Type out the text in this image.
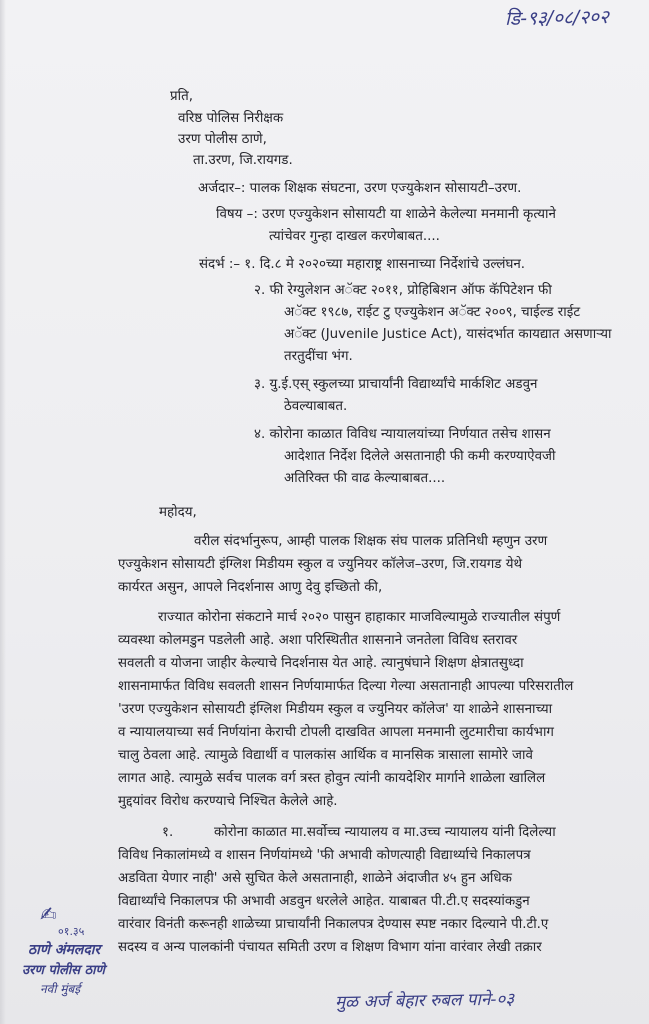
डि-९३/०८/२०२
प्रति,
वरिष्ठ पोलिस निरीक्षक
उरण पोलीस ठाणे,
ता.उरण, जि.रायगड.
अर्जदार–: पालक शिक्षक संघटना, उरण एज्युकेशन सोसायटी–उरण.
विषय –: उरण एज्युकेशन सोसायटी या शाळेने केलेल्या मनमानी कृत्याने
त्यांचेवर गुन्हा दाखल करणेबाबत....
संदर्भ :– १. दि.८ मे २०२०च्या महाराष्ट्र शासनाच्या निर्देशांचे उल्लंघन.
२. फी रेग्युलेशन अॅक्ट २०११, प्रोहिबिशन ऑफ कॅपिटेशन फी
अॅक्ट १९८७, राईट टु एज्युकेशन अॅक्ट २००९, चाईल्ड राईट
अॅक्ट (Juvenile Justice Act), यासंदर्भात कायद्यात असणाऱ्या
तरतुदींचा भंग.
३. यु.ई.एस् स्कुलच्या प्राचार्यांनी विद्यार्थ्यांचे मार्कशिट अडवुन
ठेवल्याबाबत.
४. कोरोना काळात विविध न्यायालयांच्या निर्णयात तसेच शासन
आदेशात निर्देश दिलेले असतानाही फी कमी करण्याऐवजी
अतिरिक्त फी वाढ केल्याबाबत....
महोदय,
वरील संदर्भानुरूप, आम्ही पालक शिक्षक संघ पालक प्रतिनिधी म्हणुन उरण
एज्युकेशन सोसायटी इंग्लिश मिडीयम स्कुल व ज्युनियर कॉलेज–उरण, जि.रायगड येथे
कार्यरत असुन, आपले निदर्शनास आणु देवु इच्छितो की,
राज्यात कोरोना संकटाने मार्च २०२० पासुन हाहाकार माजविल्यामुळे राज्यातील संपुर्ण
व्यवस्था कोलमडुन पडलेली आहे. अशा परिस्थितीत शासनाने जनतेला विविध स्तरावर
सवलती व योजना जाहीर केल्याचे निदर्शनास येत आहे. त्यानुषंघाने शिक्षण क्षेत्रातसुध्दा
शासनामार्फत विविध सवलती शासन निर्णयामार्फत दिल्या गेल्या असतानाही आपल्या परिसरातील
'उरण एज्युकेशन सोसायटी इंग्लिश मिडीयम स्कुल व ज्युनियर कॉलेज' या शाळेने शासनाच्या
व न्यायालयाच्या सर्व निर्णयांना केराची टोपली दाखवित आपला मनमानी लुटमारीचा कार्यभाग
चालु ठेवला आहे. त्यामुळे विद्यार्थी व पालकांस आर्थिक व मानसिक त्रासाला सामोरे जावे
लागत आहे. त्यामुळे सर्वच पालक वर्ग त्रस्त होवुन त्यांनी कायदेशिर मार्गाने शाळेला खालिल
मुद्दयांवर विरोध करण्याचे निश्चित केलेले आहे.
१.	कोरोना काळात मा.सर्वोच्च न्यायालय व मा.उच्च न्यायालय यांनी दिलेल्या
विविध निकालांमध्ये व शासन निर्णयांमध्ये 'फी अभावी कोणत्याही विद्यार्थ्याचे निकालपत्र
अडविता येणार नाही' असे सुचित केले असतानाही, शाळेने अंदाजीत ४५ हुन अधिक
विद्यार्थ्यांचे निकालपत्र फी अभावी अडवुन धरलेले आहेत. याबाबत पी.टी.ए सदस्यांकडुन
वारंवार विनंती करूनही शाळेच्या प्राचार्यांनी निकालपत्र देण्यास स्पष्ट नकार दिल्याने पी.टी.ए
सदस्य व अन्य पालकांनी पंचायत समिती उरण व शिक्षण विभाग यांना वारंवार लेखी तक्रार
✍
०१.३५
ठाणे अंमलदार
उरण पोलीस ठाणे
नवी मुंबई
मुळ अर्ज बेहार रुबल पाने-०३
